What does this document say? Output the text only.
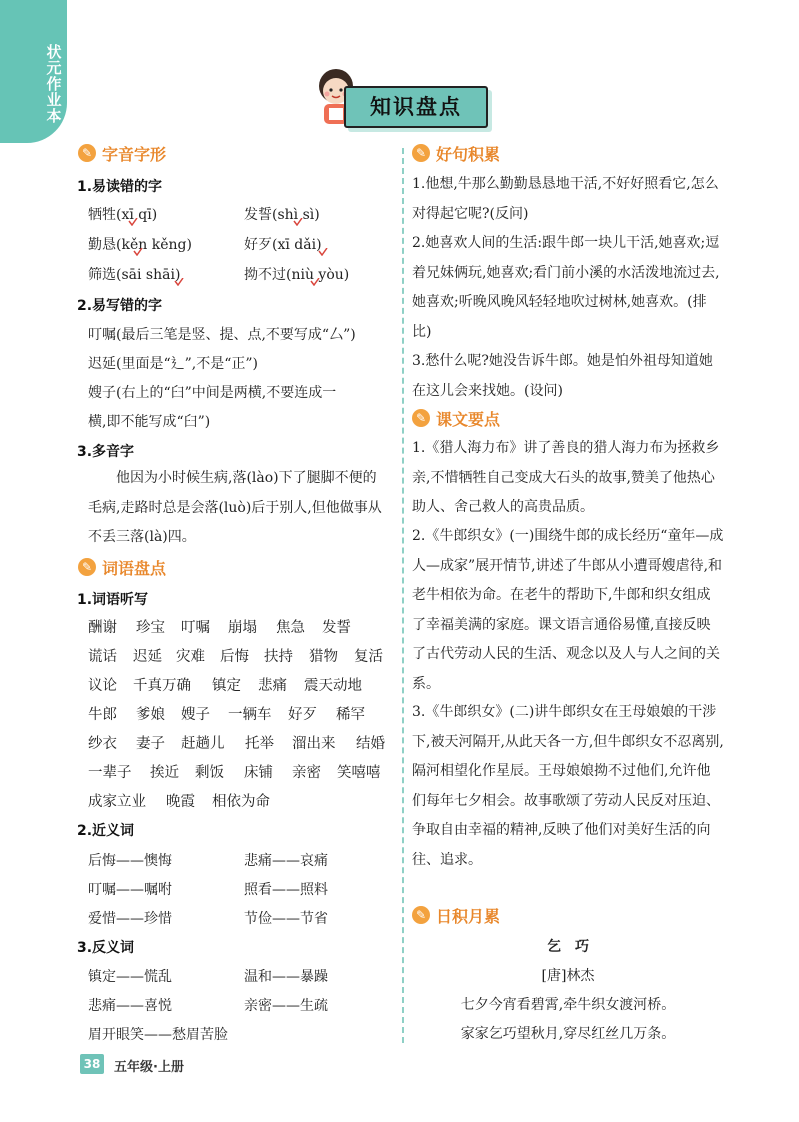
状元作业本	知识盘点
✎ 字音字形
1.易读错的字
牺牲(xī qī)	发誓(shì sì)
勤恳(kěn kěng)	好歹(xī dǎi)
筛选(sāi shāi)	拗不过(niù yòu)
2.易写错的字
叮嘱(最后三笔是竖、提、点,不要写成“厶”)
迟延(里面是“⻎”,不是“正”)
嫂子(右上的“臼”中间是两横,不要连成一
横,即不能写成“臼”)
3.多音字
他因为小时候生病,落(lào)下了腿脚不便的毛病,走路时总是会落(luò)后于别人,但他做事从不丢三落(là)四。
✎ 词语盘点
1.词语听写
酬谢 珍宝 叮嘱 崩塌 焦急 发誓
谎话 迟延 灾难 后悔 扶持 猎物 复活
议论 千真万确 镇定 悲痛 震天动地
牛郎 爹娘 嫂子 一辆车 好歹 稀罕
纱衣 妻子 赶趟儿 托举 溜出来 结婚
一辈子 挨近 剩饭 床铺 亲密 笑嘻嘻
成家立业 晚霞 相依为命
2.近义词
后悔——懊悔	悲痛——哀痛
叮嘱——嘱咐	照看——照料
爱惜——珍惜	节俭——节省
3.反义词
镇定——慌乱	温和——暴躁
悲痛——喜悦	亲密——生疏
眉开眼笑——愁眉苦脸
✎ 好句积累
1.他想,牛那么勤勤恳恳地干活,不好好照看它,怎么对得起它呢?(反问)
2.她喜欢人间的生活:跟牛郎一块儿干活,她喜欢;逗着兄妹俩玩,她喜欢;看门前小溪的水活泼地流过去,她喜欢;听晚风晚风轻轻地吹过树林,她喜欢。(排比)
3.愁什么呢?她没告诉牛郎。她是怕外祖母知道她在这儿会来找她。(设问)
✎ 课文要点
1.《猎人海力布》讲了善良的猎人海力布为拯救乡亲,不惜牺牲自己变成大石头的故事,赞美了他热心助人、舍己救人的高贵品质。
2.《牛郎织女》(一)围绕牛郎的成长经历“童年—成人—成家”展开情节,讲述了牛郎从小遭哥嫂虐待,和老牛相依为命。在老牛的帮助下,牛郎和织女组成了幸福美满的家庭。课文语言通俗易懂,直接反映了古代劳动人民的生活、观念以及人与人之间的关系。
3.《牛郎织女》(二)讲牛郎织女在王母娘娘的干涉下,被天河隔开,从此天各一方,但牛郎织女不忍离别,隔河相望化作星辰。王母娘娘拗不过他们,允许他们每年七夕相会。故事歌颂了劳动人民反对压迫、争取自由幸福的精神,反映了他们对美好生活的向往、追求。
✎ 日积月累
乞　巧
[唐]林杰
七夕今宵看碧霄,牵牛织女渡河桥。
家家乞巧望秋月,穿尽红丝几万条。
38 五年级·上册
